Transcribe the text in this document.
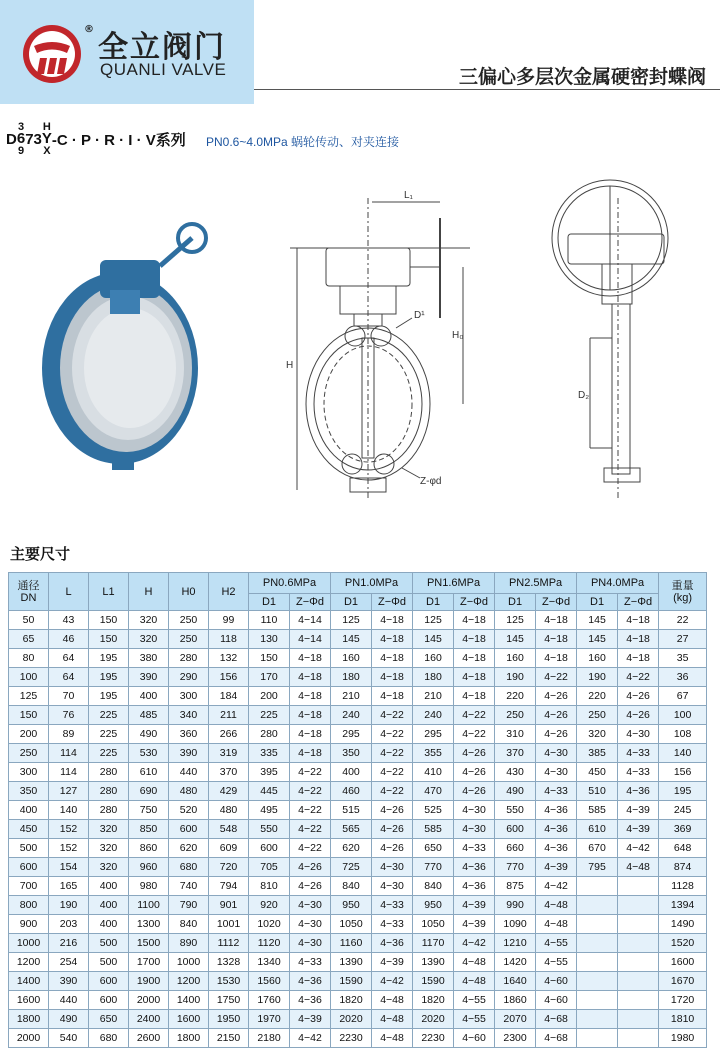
®
全立阀门
QUANLI VALVE	三偏心多层次金属硬密封蝶阀
D3
6
973H
Y
X-C · P · R · I · V系列 PN0.6~4.0MPa 蜗轮传动、对夹连接
L₁
H₀
H
D¹
Z-φd
D₂
主要尺寸
通径
DN	L	L1	H	H0	H2	PN0.6MPa		PN1.0MPa		PN1.6MPa		PN2.5MPa		PN4.0MPa		重量
(kg)
						D1	Z−Φd	D1	Z−Φd	D1	Z−Φd	D1	Z−Φd	D1	Z−Φd	
50	43	150	320	250	99	110	4−14	125	4−18	125	4−18	125	4−18	145	4−18	22
65	46	150	320	250	118	130	4−14	145	4−18	145	4−18	145	4−18	145	4−18	27
80	64	195	380	280	132	150	4−18	160	4−18	160	4−18	160	4−18	160	4−18	35
100	64	195	390	290	156	170	4−18	180	4−18	180	4−18	190	4−22	190	4−22	36
125	70	195	400	300	184	200	4−18	210	4−18	210	4−18	220	4−26	220	4−26	67
150	76	225	485	340	211	225	4−18	240	4−22	240	4−22	250	4−26	250	4−26	100
200	89	225	490	360	266	280	4−18	295	4−22	295	4−22	310	4−26	320	4−30	108
250	114	225	530	390	319	335	4−18	350	4−22	355	4−26	370	4−30	385	4−33	140
300	114	280	610	440	370	395	4−22	400	4−22	410	4−26	430	4−30	450	4−33	156
350	127	280	690	480	429	445	4−22	460	4−22	470	4−26	490	4−33	510	4−36	195
400	140	280	750	520	480	495	4−22	515	4−26	525	4−30	550	4−36	585	4−39	245
450	152	320	850	600	548	550	4−22	565	4−26	585	4−30	600	4−36	610	4−39	369
500	152	320	860	620	609	600	4−22	620	4−26	650	4−33	660	4−36	670	4−42	648
600	154	320	960	680	720	705	4−26	725	4−30	770	4−36	770	4−39	795	4−48	874
700	165	400	980	740	794	810	4−26	840	4−30	840	4−36	875	4−42			1128
800	190	400	1100	790	901	920	4−30	950	4−33	950	4−39	990	4−48			1394
900	203	400	1300	840	1001	1020	4−30	1050	4−33	1050	4−39	1090	4−48			1490
1000	216	500	1500	890	1112	1120	4−30	1160	4−36	1170	4−42	1210	4−55			1520
1200	254	500	1700	1000	1328	1340	4−33	1390	4−39	1390	4−48	1420	4−55			1600
1400	390	600	1900	1200	1530	1560	4−36	1590	4−42	1590	4−48	1640	4−60			1670
1600	440	600	2000	1400	1750	1760	4−36	1820	4−48	1820	4−55	1860	4−60			1720
1800	490	650	2400	1600	1950	1970	4−39	2020	4−48	2020	4−55	2070	4−68			1810
2000	540	680	2600	1800	2150	2180	4−42	2230	4−48	2230	4−60	2300	4−68			1980
